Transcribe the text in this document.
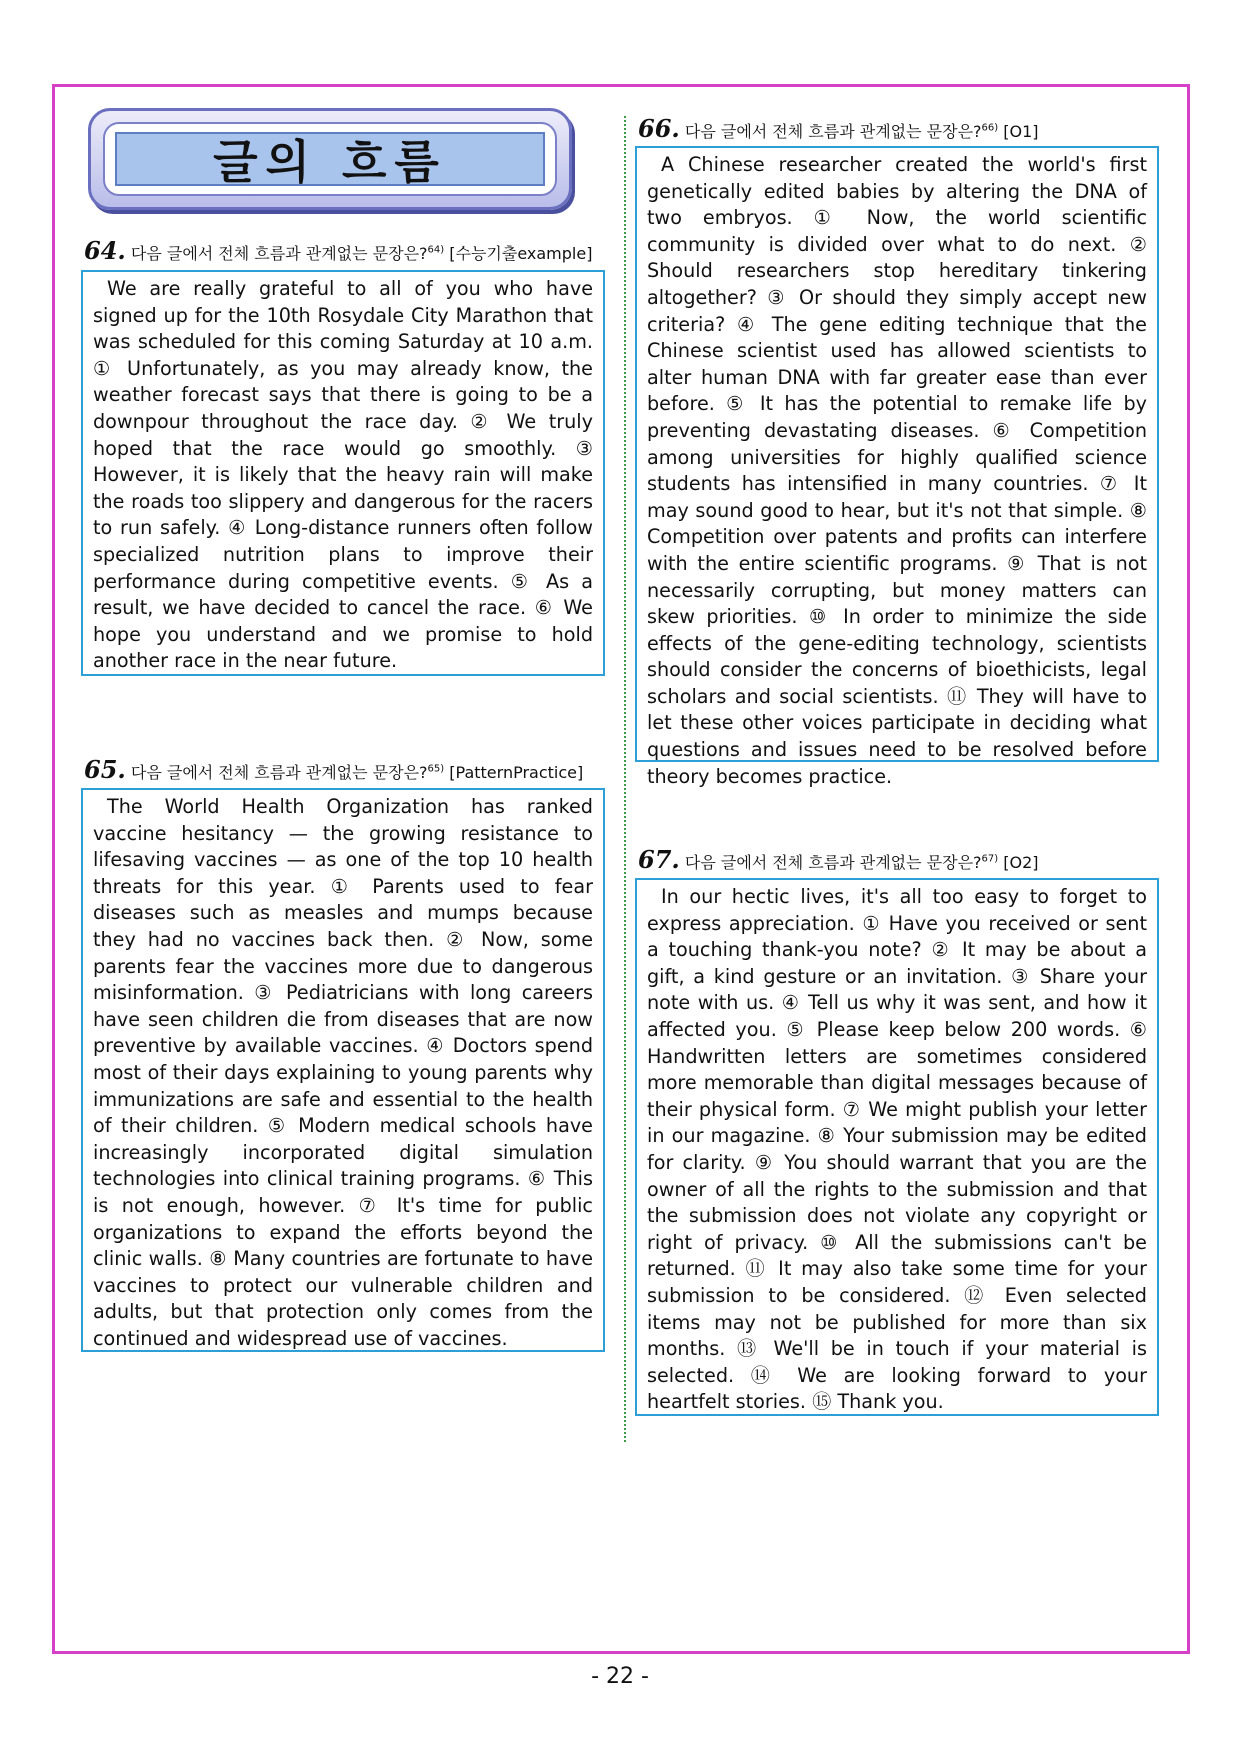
글의 흐름
64. 다음 글에서 전체 흐름과 관계없는 문장은?$^{64)}$ [수능기출example]

We are really grateful to all of you who have signed up for the 10th Rosydale City Marathon that was scheduled for this coming Saturday at 10 a.m. ① Unfortunately, as you may already know, the weather forecast says that there is going to be a downpour throughout the race day. ② We truly hoped that the race would go smoothly. ③ However, it is likely that the heavy rain will make the roads too slippery and dangerous for the racers to run safely. ④ Long-distance runners often follow specialized nutrition plans to improve their performance during competitive events. ⑤ As a result, we have decided to cancel the race. ⑥ We hope you understand and we promise to hold another race in the near future.

65. 다음 글에서 전체 흐름과 관계없는 문장은?$^{65)}$ [PatternPractice]

The World Health Organization has ranked vaccine hesitancy — the growing resistance to lifesaving vaccines — as one of the top 10 health threats for this year. ① Parents used to fear diseases such as measles and mumps because they had no vaccines back then. ② Now, some parents fear the vaccines more due to dangerous misinformation. ③ Pediatricians with long careers have seen children die from diseases that are now preventive by available vaccines. ④ Doctors spend most of their days explaining to young parents why immunizations are safe and essential to the health of their children. ⑤ Modern medical schools have increasingly incorporated digital simulation technologies into clinical training programs. ⑥ This is not enough, however. ⑦ It's time for public organizations to expand the efforts beyond the clinic walls. ⑧ Many countries are fortunate to have vaccines to protect our vulnerable children and adults, but that protection only comes from the continued and widespread use of vaccines.

66. 다음 글에서 전체 흐름과 관계없는 문장은?$^{66)}$ [O1]

A Chinese researcher created the world's first genetically edited babies by altering the DNA of two embryos. ① Now, the world scientific community is divided over what to do next. ② Should researchers stop hereditary tinkering altogether? ③ Or should they simply accept new criteria? ④ The gene editing technique that the Chinese scientist used has allowed scientists to alter human DNA with far greater ease than ever before. ⑤ It has the potential to remake life by preventing devastating diseases. ⑥ Competition among universities for highly qualified science students has intensified in many countries. ⑦ It may sound good to hear, but it's not that simple. ⑧ Competition over patents and profits can interfere with the entire scientific programs. ⑨ That is not necessarily corrupting, but money matters can skew priorities. ⑩ In order to minimize the side effects of the gene-editing technology, scientists should consider the concerns of bioethicists, legal scholars and social scientists. ⑪ They will have to let these other voices participate in deciding what questions and issues need to be resolved before theory becomes practice.

67. 다음 글에서 전체 흐름과 관계없는 문장은?$^{67)}$ [O2]

In our hectic lives, it's all too easy to forget to express appreciation. ① Have you received or sent a touching thank-you note? ② It may be about a gift, a kind gesture or an invitation. ③ Share your note with us. ④ Tell us why it was sent, and how it affected you. ⑤ Please keep below 200 words. ⑥ Handwritten letters are sometimes considered more memorable than digital messages because of their physical form. ⑦ We might publish your letter in our magazine. ⑧ Your submission may be edited for clarity. ⑨ You should warrant that you are the owner of all the rights to the submission and that the submission does not violate any copyright or right of privacy. ⑩ All the submissions can't be returned. ⑪ It may also take some time for your submission to be considered. ⑫ Even selected items may not be published for more than six months. ⑬ We'll be in touch if your material is selected. ⑭ We are looking forward to your heartfelt stories. ⑮ Thank you.

- 22 -
